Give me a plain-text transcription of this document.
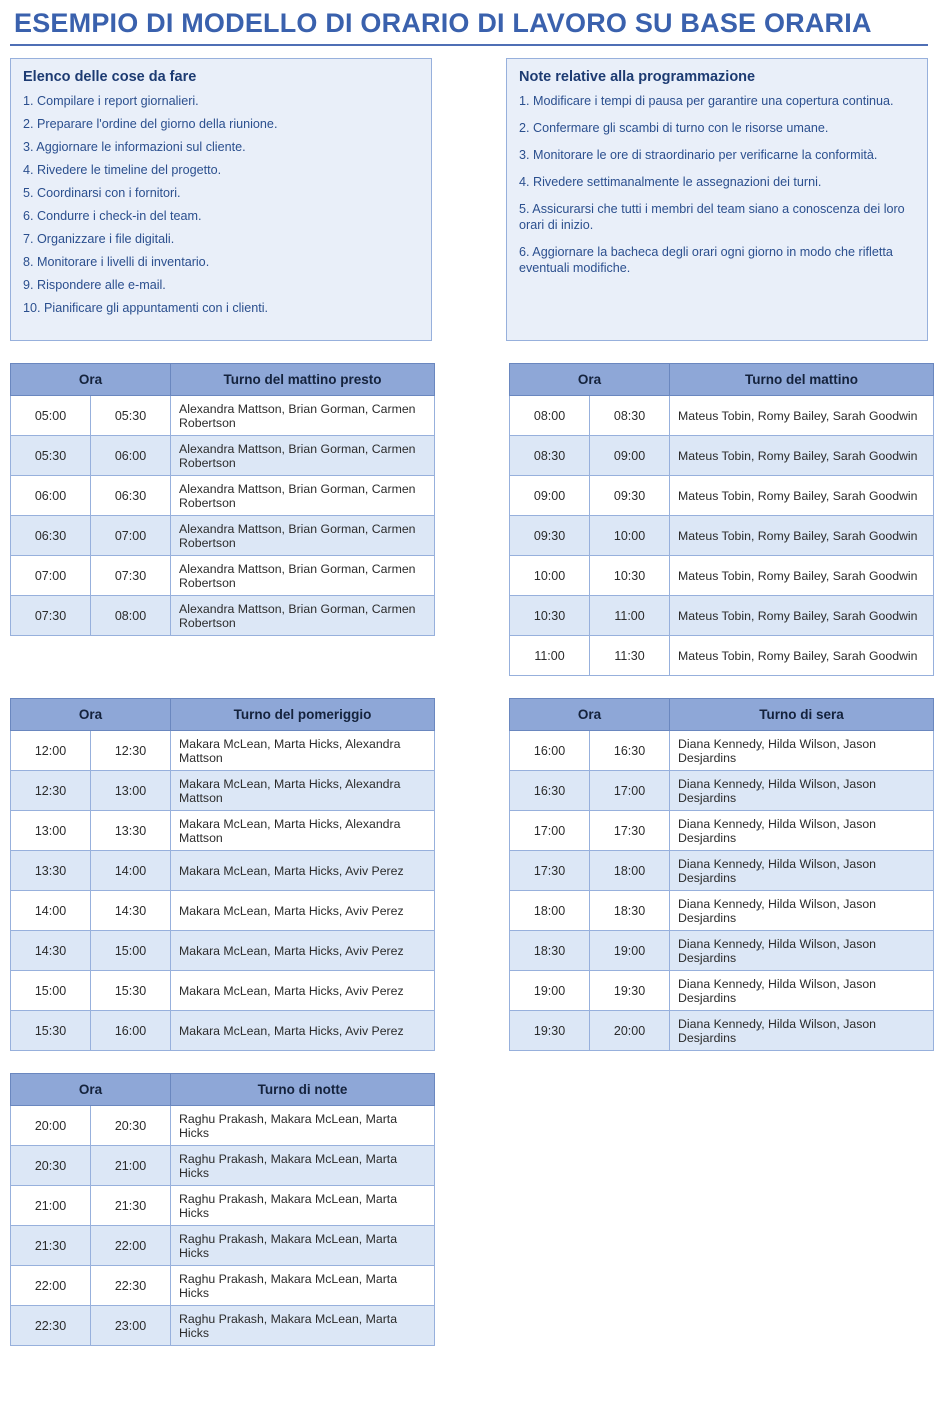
ESEMPIO DI MODELLO DI ORARIO DI LAVORO SU BASE ORARIA
Elenco delle cose da fare
1. Compilare i report giornalieri.
2. Preparare l'ordine del giorno della riunione.
3. Aggiornare le informazioni sul cliente.
4. Rivedere le timeline del progetto.
5. Coordinarsi con i fornitori.
6. Condurre i check-in del team.
7. Organizzare i file digitali.
8. Monitorare i livelli di inventario.
9. Rispondere alle e-mail.
10. Pianificare gli appuntamenti con i clienti.
Note relative alla programmazione
1. Modificare i tempi di pausa per garantire una copertura continua.
2. Confermare gli scambi di turno con le risorse umane.
3. Monitorare le ore di straordinario per verificarne la conformità.
4. Rivedere settimanalmente le assegnazioni dei turni.
5. Assicurarsi che tutti i membri del team siano a conoscenza dei loro orari di inizio.
6. Aggiornare la bacheca degli orari ogni giorno in modo che rifletta eventuali modifiche.
Ora		Turno del mattino presto
05:00	05:30	Alexandra Mattson, Brian Gorman, Carmen Robertson
05:30	06:00	Alexandra Mattson, Brian Gorman, Carmen Robertson
06:00	06:30	Alexandra Mattson, Brian Gorman, Carmen Robertson
06:30	07:00	Alexandra Mattson, Brian Gorman, Carmen Robertson
07:00	07:30	Alexandra Mattson, Brian Gorman, Carmen Robertson
07:30	08:00	Alexandra Mattson, Brian Gorman, Carmen Robertson
Ora		Turno del mattino
08:00	08:30	Mateus Tobin, Romy Bailey, Sarah Goodwin
08:30	09:00	Mateus Tobin, Romy Bailey, Sarah Goodwin
09:00	09:30	Mateus Tobin, Romy Bailey, Sarah Goodwin
09:30	10:00	Mateus Tobin, Romy Bailey, Sarah Goodwin
10:00	10:30	Mateus Tobin, Romy Bailey, Sarah Goodwin
10:30	11:00	Mateus Tobin, Romy Bailey, Sarah Goodwin
11:00	11:30	Mateus Tobin, Romy Bailey, Sarah Goodwin
Ora		Turno del pomeriggio
12:00	12:30	Makara McLean, Marta Hicks, Alexandra Mattson
12:30	13:00	Makara McLean, Marta Hicks, Alexandra Mattson
13:00	13:30	Makara McLean, Marta Hicks, Alexandra Mattson
13:30	14:00	Makara McLean, Marta Hicks, Aviv Perez
14:00	14:30	Makara McLean, Marta Hicks, Aviv Perez
14:30	15:00	Makara McLean, Marta Hicks, Aviv Perez
15:00	15:30	Makara McLean, Marta Hicks, Aviv Perez
15:30	16:00	Makara McLean, Marta Hicks, Aviv Perez
Ora		Turno di sera
16:00	16:30	Diana Kennedy, Hilda Wilson, Jason Desjardins
16:30	17:00	Diana Kennedy, Hilda Wilson, Jason Desjardins
17:00	17:30	Diana Kennedy, Hilda Wilson, Jason Desjardins
17:30	18:00	Diana Kennedy, Hilda Wilson, Jason Desjardins
18:00	18:30	Diana Kennedy, Hilda Wilson, Jason Desjardins
18:30	19:00	Diana Kennedy, Hilda Wilson, Jason Desjardins
19:00	19:30	Diana Kennedy, Hilda Wilson, Jason Desjardins
19:30	20:00	Diana Kennedy, Hilda Wilson, Jason Desjardins
Ora		Turno di notte
20:00	20:30	Raghu Prakash, Makara McLean, Marta Hicks
20:30	21:00	Raghu Prakash, Makara McLean, Marta Hicks
21:00	21:30	Raghu Prakash, Makara McLean, Marta Hicks
21:30	22:00	Raghu Prakash, Makara McLean, Marta Hicks
22:00	22:30	Raghu Prakash, Makara McLean, Marta Hicks
22:30	23:00	Raghu Prakash, Makara McLean, Marta Hicks
